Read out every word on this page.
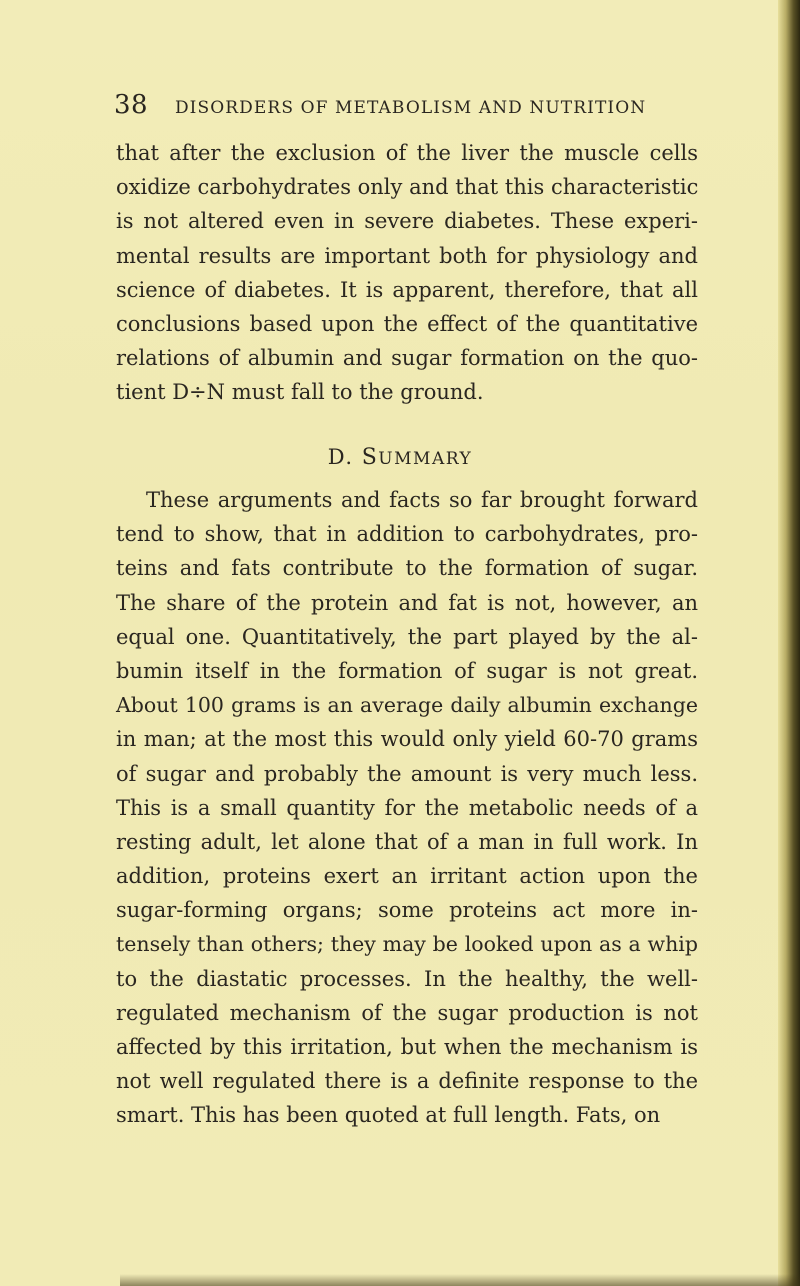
38 DISORDERS OF METABOLISM AND NUTRITION
that after the exclusion of the liver the muscle cells
oxidize carbohydrates only and that this characteristic
is not altered even in severe diabetes. These experi-
mental results are important both for physiology and
science of diabetes. It is apparent, therefore, that all
conclusions based upon the effect of the quantitative
relations of albumin and sugar formation on the quo-
tient D÷N must fall to the ground.
D. SUMMARY
These arguments and facts so far brought forward
tend to show, that in addition to carbohydrates, pro-
teins and fats contribute to the formation of sugar.
The share of the protein and fat is not, however, an
equal one. Quantitatively, the part played by the al-
bumin itself in the formation of sugar is not great.
About 100 grams is an average daily albumin exchange
in man; at the most this would only yield 60-70 grams
of sugar and probably the amount is very much less.
This is a small quantity for the metabolic needs of a
resting adult, let alone that of a man in full work. In
addition, proteins exert an irritant action upon the
sugar-forming organs; some proteins act more in-
tensely than others; they may be looked upon as a whip
to the diastatic processes. In the healthy, the well-
regulated mechanism of the sugar production is not
affected by this irritation, but when the mechanism is
not well regulated there is a definite response to the
smart. This has been quoted at full length. Fats, on
